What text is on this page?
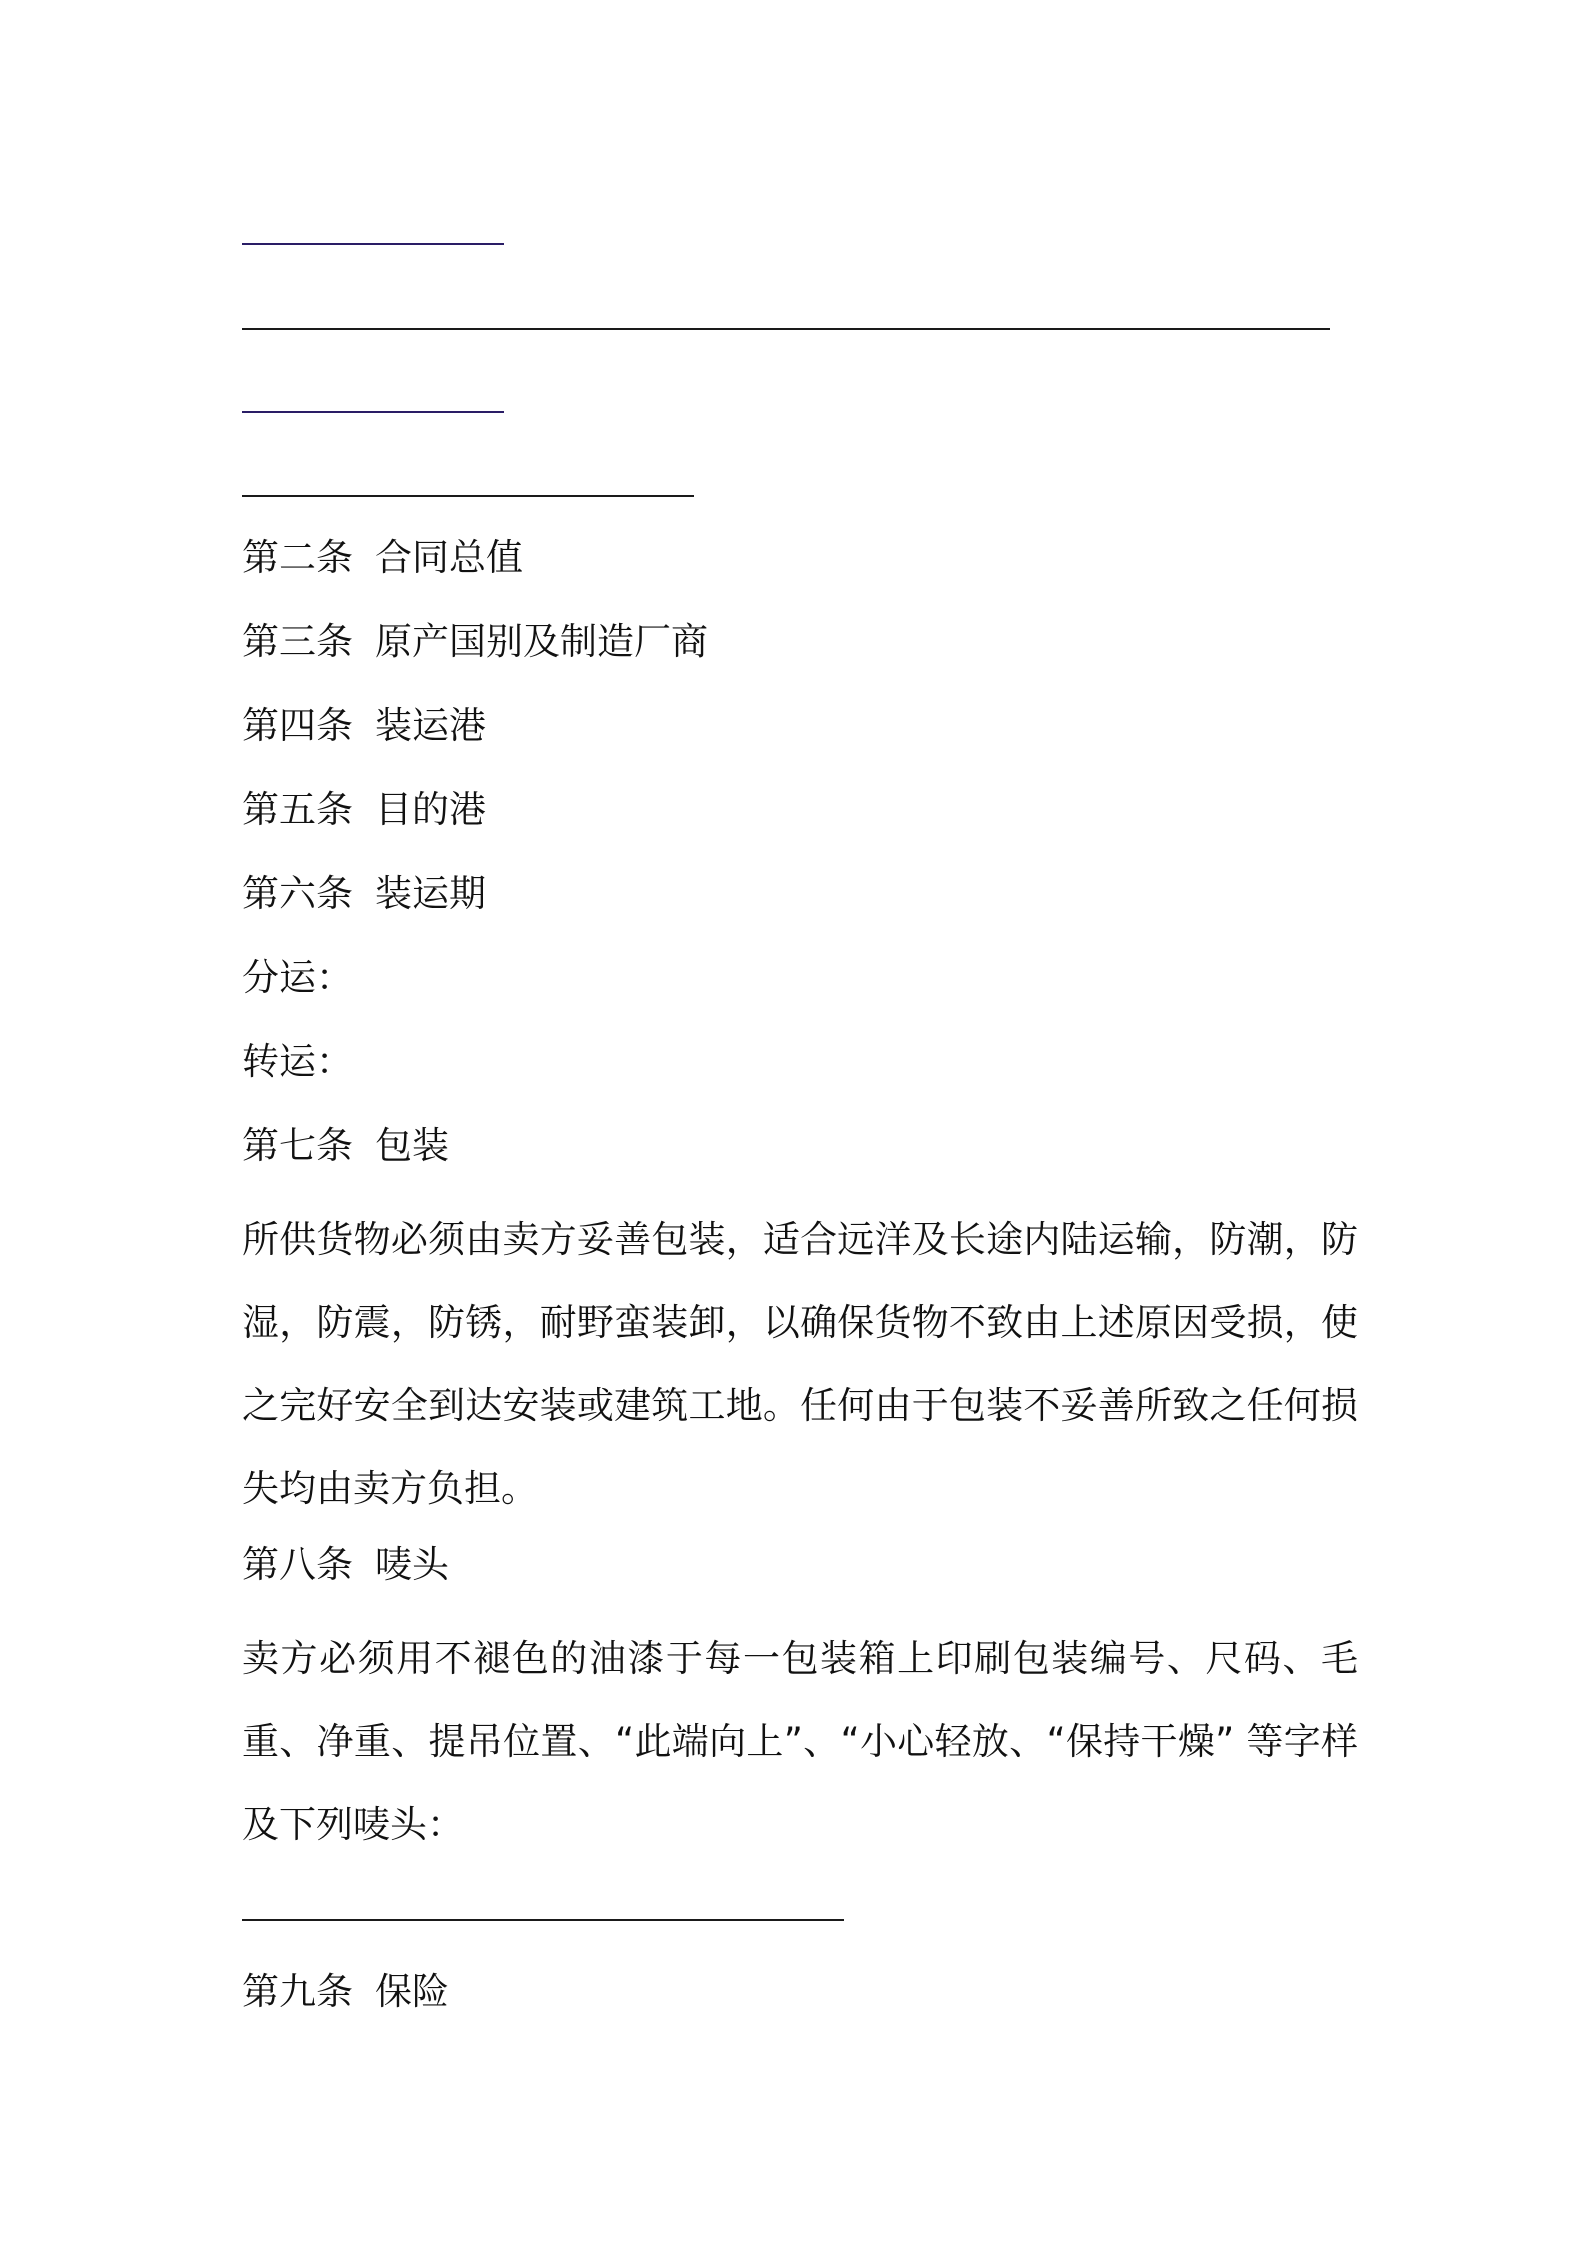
第二条 合同总值
第三条 原产国别及制造厂商
第四条 装运港
第五条 目的港
第六条 装运期
分运：
转运：
第七条 包装
所供货物必须由卖方妥善包装，适合远洋及长途内陆运输，防潮，防湿，防震，防锈，耐野蛮装卸，以确保货物不致由上述原因受损，使之完好安全到达安装或建筑工地。任何由于包装不妥善所致之任何损失均由卖方负担。
第八条 唛头
卖方必须用不褪色的油漆于每一包装箱上印刷包装编号、尺码、毛重、净重、提吊位置、“此端向上”、“小心轻放、“保持干燥” 等字样及下列唛头：
第九条 保险
